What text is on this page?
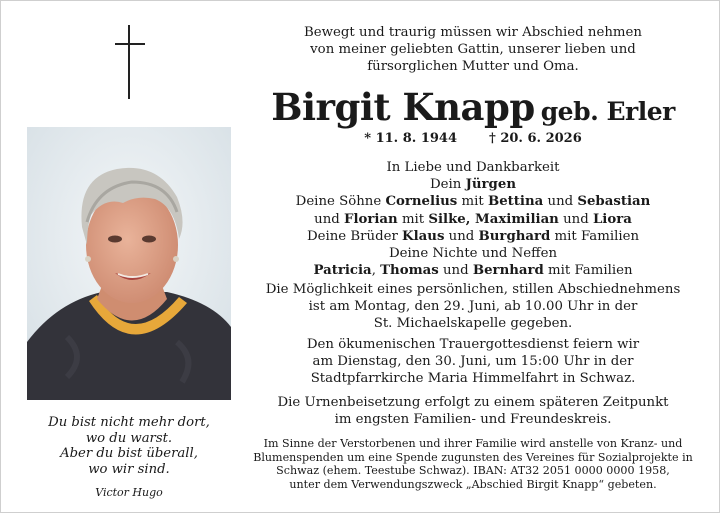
Du bist nicht mehr dort,
wo du warst.
Aber du bist überall,
wo wir sind.
Victor Hugo
Bewegt und traurig müssen wir Abschied nehmen
von meiner geliebten Gattin, unserer lieben und
fürsorglichen Mutter und Oma.
Birgit Knapp geb. Erler
* 11. 8. 1944 † 20. 6. 2026
In Liebe und Dankbarkeit
Dein Jürgen
Deine Söhne Cornelius mit Bettina und Sebastian
und Florian mit Silke, Maximilian und Liora
Deine Brüder Klaus und Burghard mit Familien
Deine Nichte und Neffen
Patricia, Thomas und Bernhard mit Familien
Die Möglichkeit eines persönlichen, stillen Abschiednehmens
ist am Montag, den 29. Juni, ab 10.00 Uhr in der
St. Michaelskapelle gegeben.
Den ökumenischen Trauergottesdienst feiern wir
am Dienstag, den 30. Juni, um 15:00 Uhr in der
Stadtpfarrkirche Maria Himmelfahrt in Schwaz.
Die Urnenbeisetzung erfolgt zu einem späteren Zeitpunkt
im engsten Familien- und Freundeskreis.
Im Sinne der Verstorbenen und ihrer Familie wird anstelle von Kranz- und
Blumenspenden um eine Spende zugunsten des Vereines für Sozialprojekte in
Schwaz (ehem. Teestube Schwaz). IBAN: AT32 2051 0000 0000 1958,
unter dem Verwendungszweck „Abschied Birgit Knapp“ gebeten.
